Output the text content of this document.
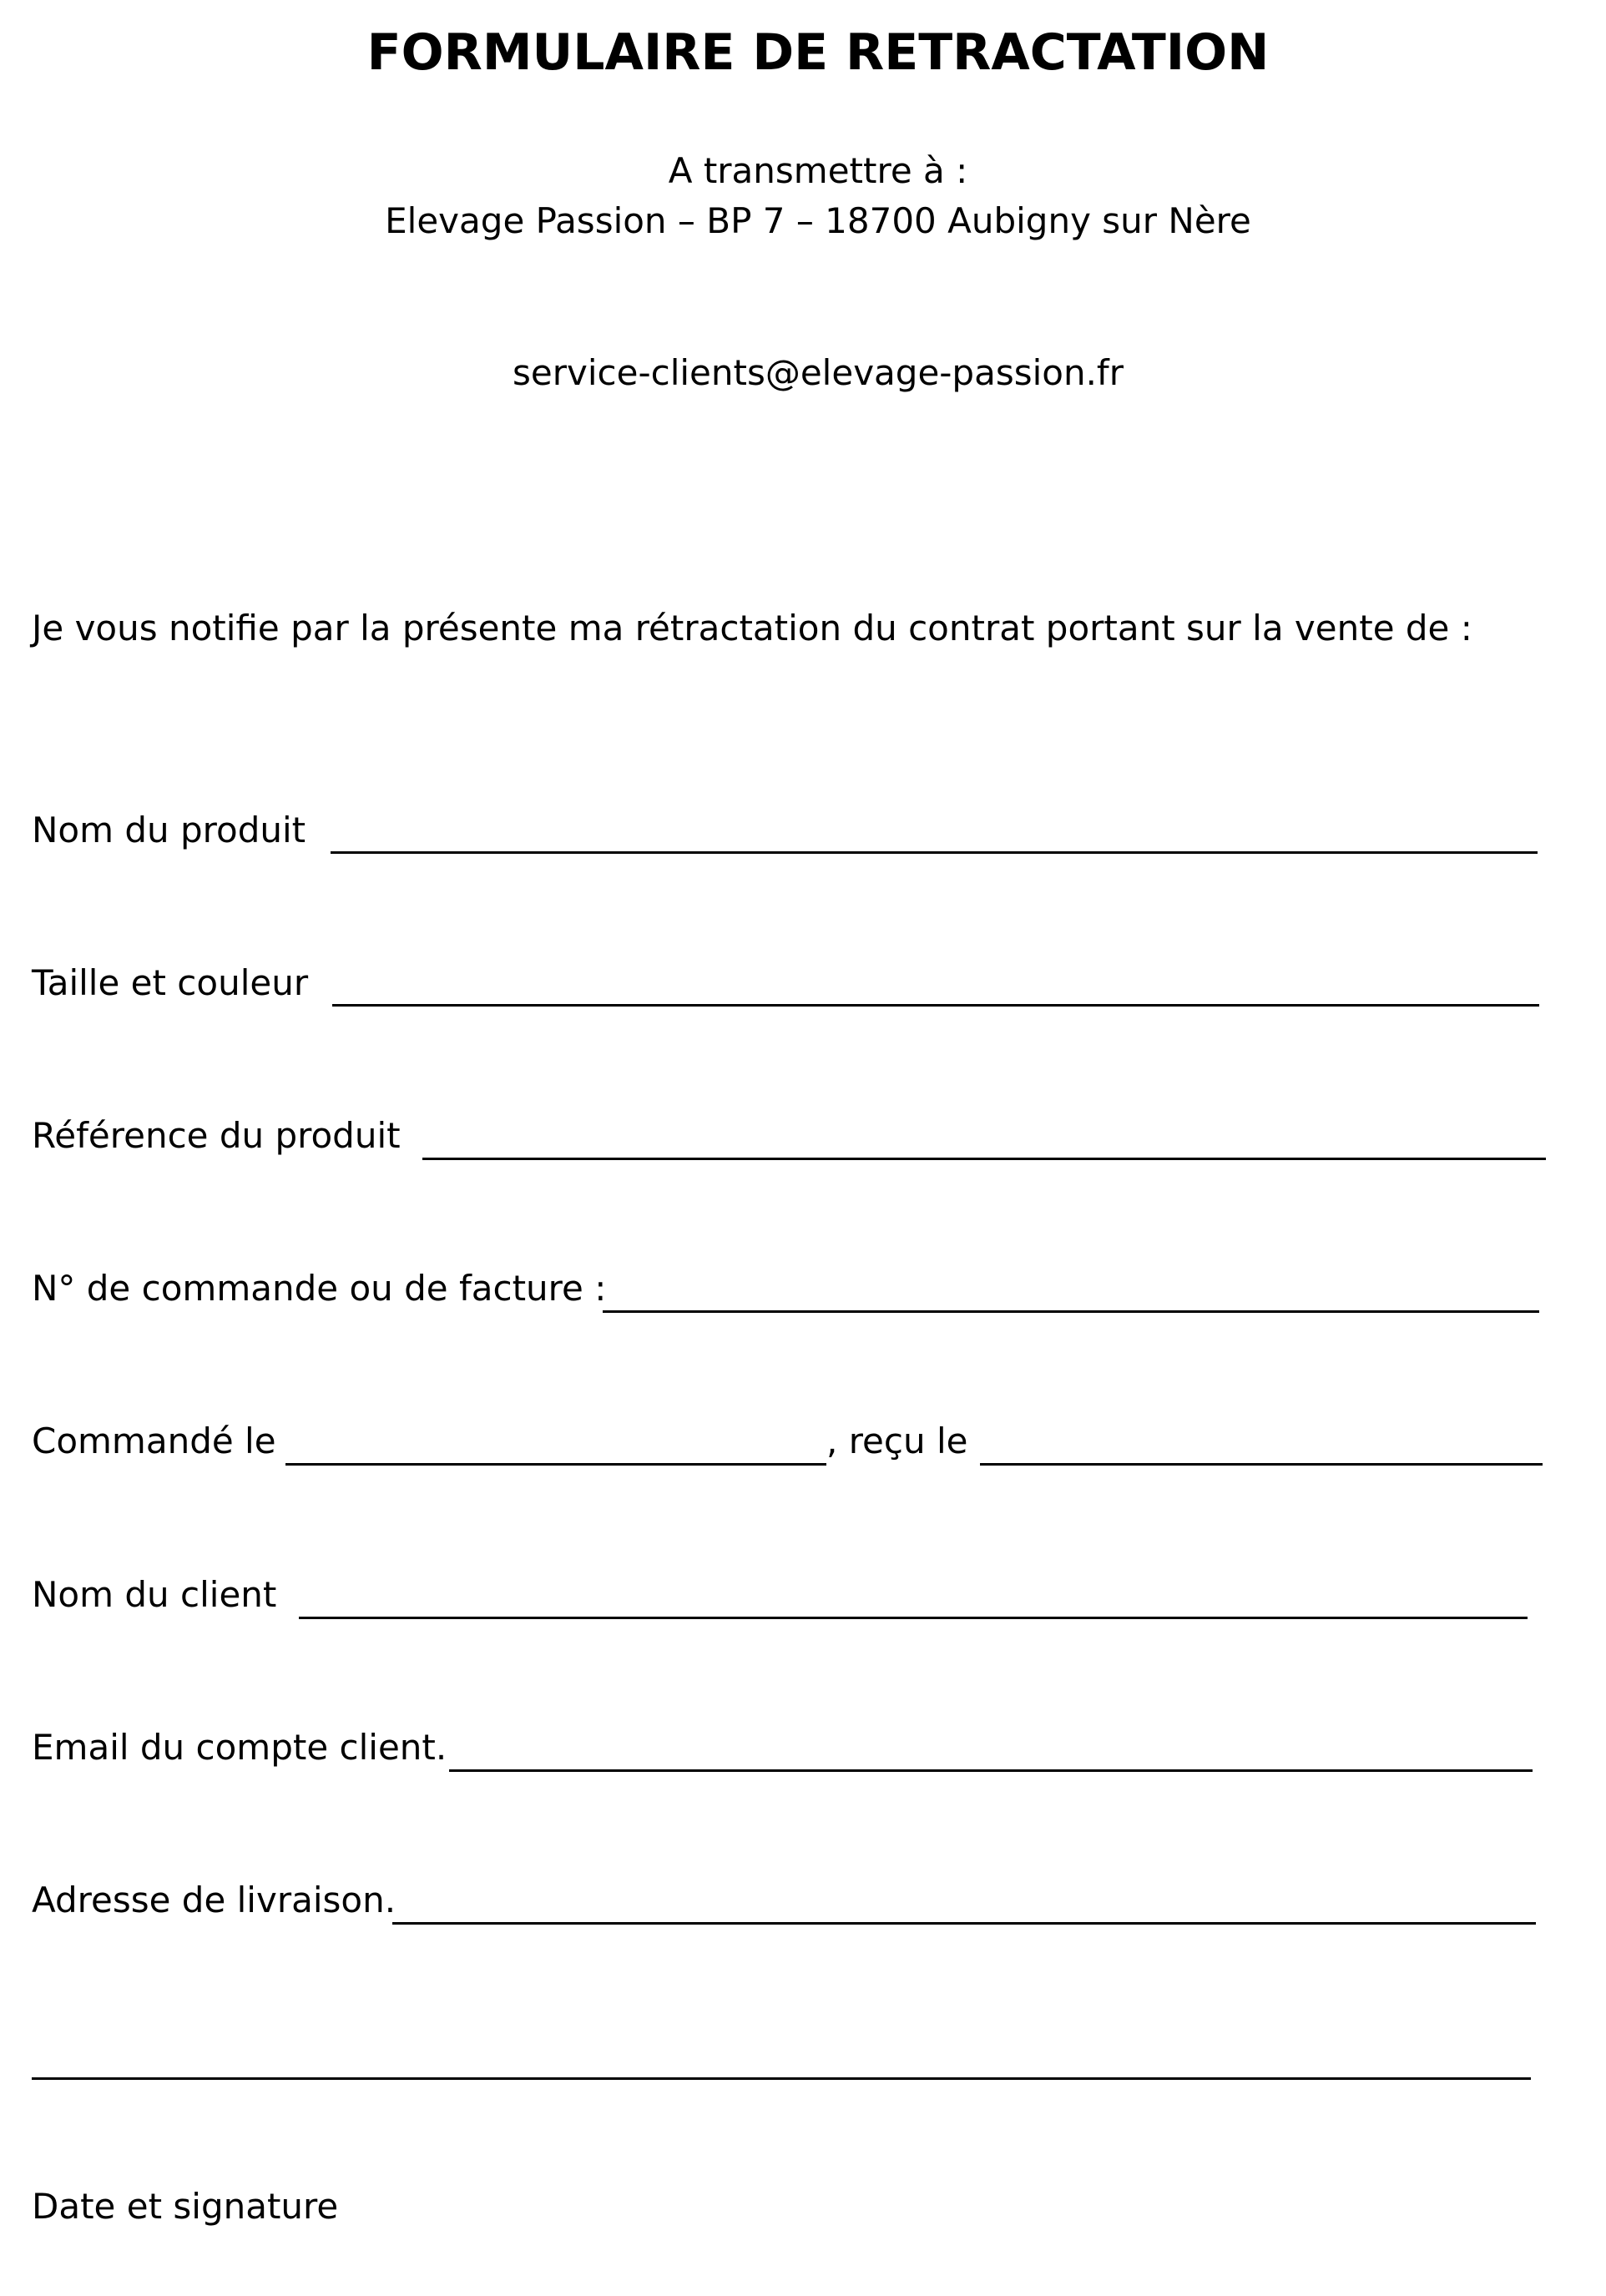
FORMULAIRE DE RETRACTATION
A transmettre à :
Elevage Passion – BP 7 – 18700 Aubigny sur Nère
service-clients@elevage-passion.fr
Je vous notifie par la présente ma rétractation du contrat portant sur la vente de :
Nom du produit
Taille et couleur
Référence du produit
N° de commande ou de facture :
Commandé le	, reçu le
Nom du client
Email du compte client.
Adresse de livraison.
Date et signature
